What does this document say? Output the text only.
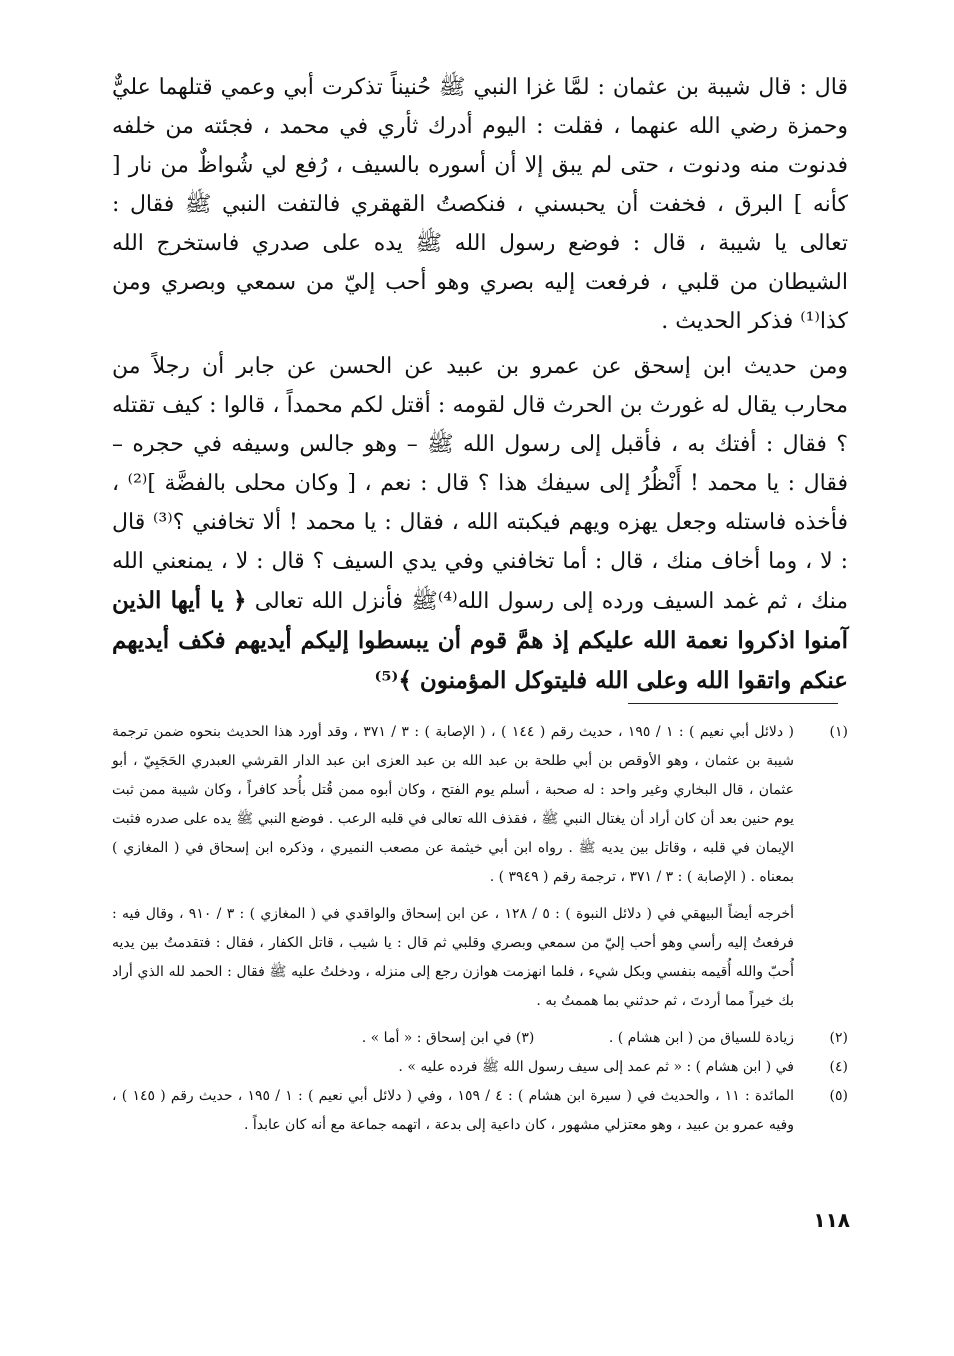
قال : قال شيبة بن عثمان : لمَّا غزا النبي ﷺ حُنيناً تذكرت أبي وعمي قتلهما عليٌّ وحمزة رضي الله عنهما ، فقلت : اليوم أدرك ثأري في محمد ، فجئته من خلفه فدنوت منه ودنوت ، حتى لم يبق إلا أن أسوره بالسيف ، رُفع لي شُواظٌ من نار [ كأنه ] البرق ، فخفت أن يحبسني ، فنكصتُ القهقري فالتفت النبي ﷺ فقال : تعالى يا شيبة ، قال : فوضع رسول الله ﷺ يده على صدري فاستخرج الله الشيطان من قلبي ، فرفعت إليه بصري وهو أحب إليّ من سمعي وبصري ومن كذا⁽¹⁾ فذكر الحديث .

ومن حديث ابن إسحق عن عمرو بن عبيد عن الحسن عن جابر أن رجلاً من محارب يقال له غورث بن الحرث قال لقومه : أقتل لكم محمداً ، قالوا : كيف تقتله ؟ فقال : أفتك به ، فأقبل إلى رسول الله ﷺ – وهو جالس وسيفه في حجره – فقال : يا محمد ! أَنْظُرُ إلى سيفك هذا ؟ قال : نعم ، [ وكان محلى بالفضَّة ]⁽²⁾ ، فأخذه فاستله وجعل يهزه ويهم فيكبته الله ، فقال : يا محمد ! ألا تخافني ؟⁽³⁾ قال : لا ، وما أخاف منك ، قال : أما تخافني وفي يدي السيف ؟ قال : لا ، يمنعني الله منك ، ثم غمد السيف ورده إلى رسول الله⁽⁴⁾ﷺ فأنزل الله تعالى ﴿ يا أيها الذين آمنوا اذكروا نعمة الله عليكم إذ همَّ قوم أن يبسطوا إليكم أيديهم فكف أيديهم عنكم واتقوا الله وعلى الله فليتوكل المؤمنون ﴾⁽⁵⁾

(١)
( دلائل أبي نعيم ) : ١ / ١٩٥ ، حديث رقم ( ١٤٤ ) ، ( الإصابة ) : ٣ / ٣٧١ ، وقد أورد هذا الحديث بنحوه ضمن ترجمة شيبة بن عثمان ، وهو الأوقص بن أبي طلحة بن عبد الله بن عبد العزى ابن عبد الدار القرشي العبدري الحَجَبِيّ ، أبو عثمان ، قال البخاري وغير واحد : له صحبة ، أسلم يوم الفتح ، وكان أبوه ممن قُتل بأُحد كافراً ، وكان شيبة ممن ثبت يوم حنين بعد أن كان أراد أن يغتال النبي ﷺ ، فقذف الله تعالى في قلبه الرعب . فوضع النبي ﷺ يده على صدره فثبت الإيمان في قلبه ، وقاتل بين يديه ﷺ . رواه ابن أبي خيثمة عن مصعب النميري ، وذكره ابن إسحاق في ( المغازي ) بمعناه . ( الإصابة ) : ٣ / ٣٧١ ، ترجمة رقم ( ٣٩٤٩ ) .
أخرجه أيضاً البيهقي في ( دلائل النبوة ) : ٥ / ١٢٨ ، عن ابن إسحاق والواقدي في ( المغازي ) : ٣ / ٩١٠ ، وقال فيه : فرفعتُ إليه رأسي وهو أحب إليّ من سمعي وبصري وقلبي ثم قال : يا شيب ، قاتل الكفار ، فقال : فتقدمتُ بين يديه أُحبّ والله أُقيمه بنفسي وبكل شيء ، فلما انهزمت هوازن رجع إلى منزله ، ودخلتُ عليه ﷺ فقال : الحمد لله الذي أراد بك خيراً مما أردتَ ، ثم حدثني بما هممتُ به .
(٢)
زيادة للسياق من ( ابن هشام ) . (٣) في ابن إسحاق : « أما » .
(٤)
في ( ابن هشام ) : « ثم عمد إلى سيف رسول الله ﷺ فرده عليه » .
(٥)
المائدة : ١١ ، والحديث في ( سيرة ابن هشام ) : ٤ / ١٥٩ ، وفي ( دلائل أبي نعيم ) : ١ / ١٩٥ ، حديث رقم ( ١٤٥ ) ، وفيه عمرو بن عبيد ، وهو معتزلي مشهور ، كان داعية إلى بدعة ، اتهمه جماعة مع أنه كان عابداً .
١١٨
